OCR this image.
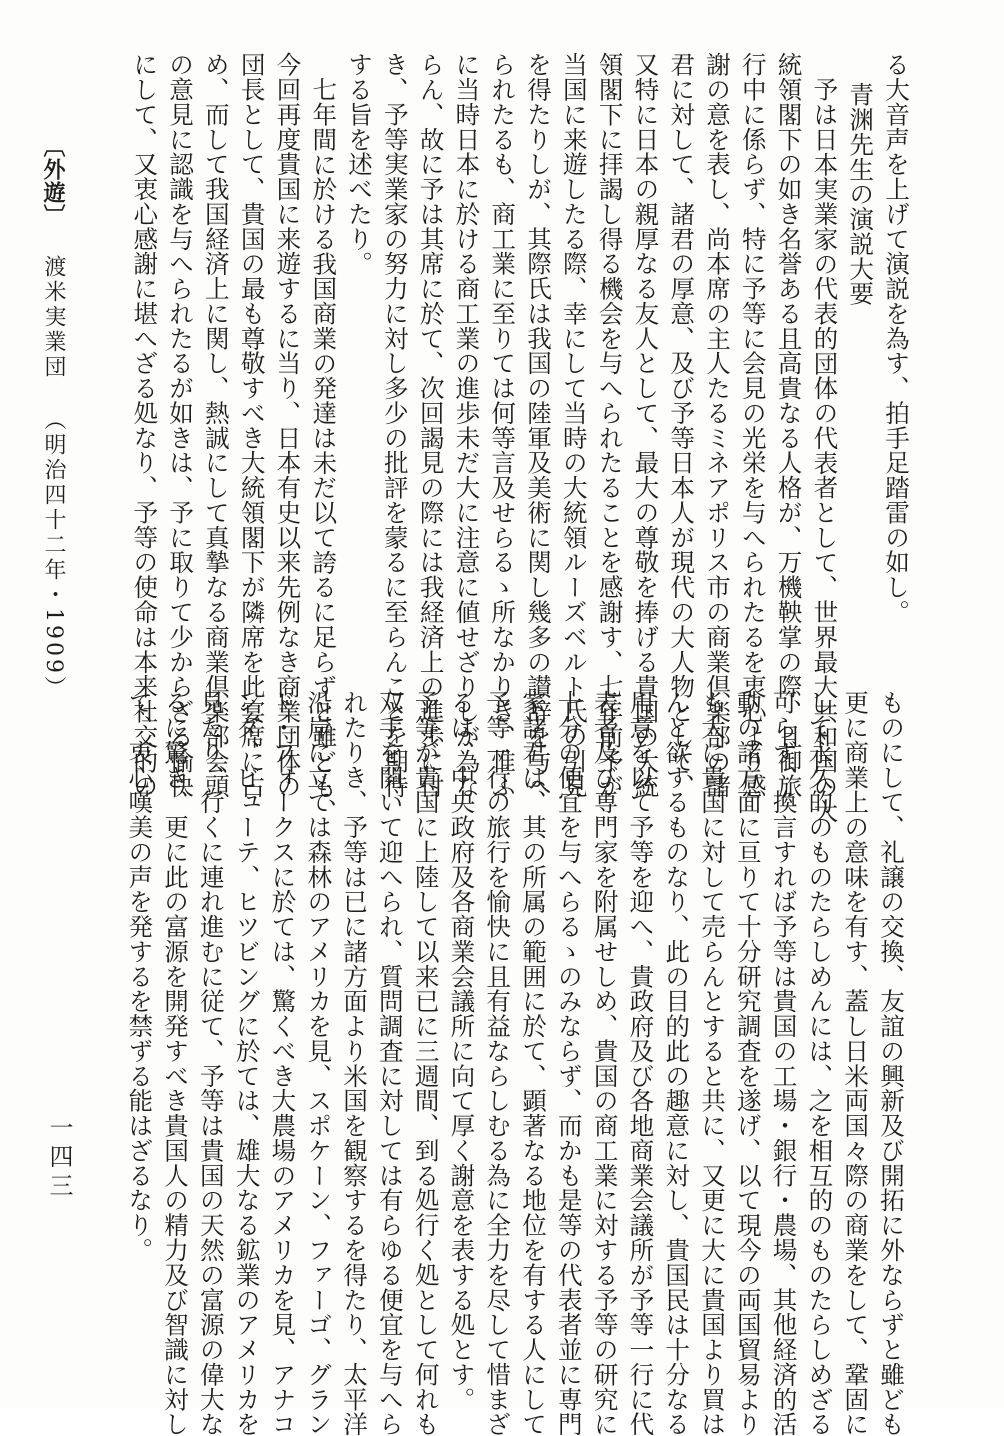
る大音声を上げて演説を為す、拍手足踏雷の如し。
青渊先生の演説大要
予は日本実業家の代表的団体の代表者として、世界最大共和国の大
統領閣下の如き名誉ある且高貴なる人格が、万機鞅掌の際、且御旅
行中に係らず、特に予等に会見の光栄を与へられたるを衷心より感
謝の意を表し、尚本席の主人たるミネアポリス市の商業倶楽部の諸
君に対して、諸君の厚意、及び予等日本人が現代の大人物として、
又特に日本の親厚なる友人として、最大の尊敬を捧げる貴国の大統
領閣下に拝謁し得る機会を与へられたることを感謝す、七年前予が
当国に来遊したる際、幸にして当時の大統領ルーズベルト氏の引見
を得たりしが、其際氏は我国の陸軍及美術に関し幾多の讃辞を与へ
られたるも、商工業に至りては何等言及せらるゝ所なかりき、惟ふ
に当時日本に於ける商工業の進歩未だ大に注意に値せざりしが為な
らん、故に予は其席に於て、次回謁見の際には我経済上の進歩に付
き、予等実業家の努力に対し多少の批評を蒙るに至らんことを期待
する旨を述べたり。
七年間に於ける我国商業の発達は未だ以て誇るに足らずと雖ども、
今回再度貴国に来遊するに当り、日本有史以来先例なき商業団体の
団長として、貴国の最も尊敬すべき大統領閣下が隣席を此宴席に占
め、而して我国経済上に関し、熱誠にして真摯なる商業倶楽部会頭
の意見に認識を与へられたるが如きは、予に取りて少からざる愉快
にして、又衷心感謝に堪へざる処なり、予等の使命は本来社交的の
ものにして、礼譲の交換、友誼の興新及び開拓に外ならずと雖ども
更に商業上の意味を有す、蓋し日米両国々際の商業をして、鞏固に
して永久的のものたらしめんには、之を相互的のものたらしめざる
可らず、換言すれば予等は貴国の工場・銀行・農場、其他経済的活
動の諸方面に亘りて十分研究調査を遂げ、以て現今の両国貿易より
も大に貴国に対して売らんとすると共に、又更に大に貴国より買は
んと欲するものなり、此の目的此の趣意に対し、貴国民は十分なる
用意を以て予等を迎へ、貴政府及び各地商業会議所が予等一行に代
表者及び専門家を附属せしめ、貴国の商工業に対する予等の研究に
十分の便宜を与へらるゝのみならず、而かも是等の代表者並に専門
家諸君は、其の所属の範囲に於て、顕著なる地位を有する人にして
予等一行の旅行を愉快に且有益ならしむる為に全力を尽して惜まざ
るは、中央政府及各商業会議所に向て厚く謝意を表する処とす。
予等が貴国に上陸して以来已に三週間、到る処行く処として何れも
双手を開いて迎へられ、質問調査に対しては有らゆる便宜を与へら
れたりき、予等は已に諸方面より米国を観察するを得たり、太平洋
沿岸に立ては森林のアメリカを見、スポケーン、ファーゴ、グラン
ド・フォークスに於ては、驚くべき大農場のアメリカを見、アナコ
ンダ、ビューテ、ヒツビングに於ては、雄大なる鉱業のアメリカを
見たり、行くに連れ進むに従て、予等は貴国の天然の富源の偉大な
るに驚き、更に此の富源を開発すべき貴国人の精力及び智識に対し
て、衷心嘆美の声を発するを禁ずる能はざるなり。
〔外遊〕渡米実業団（明治四十二年・1909）
一四三
